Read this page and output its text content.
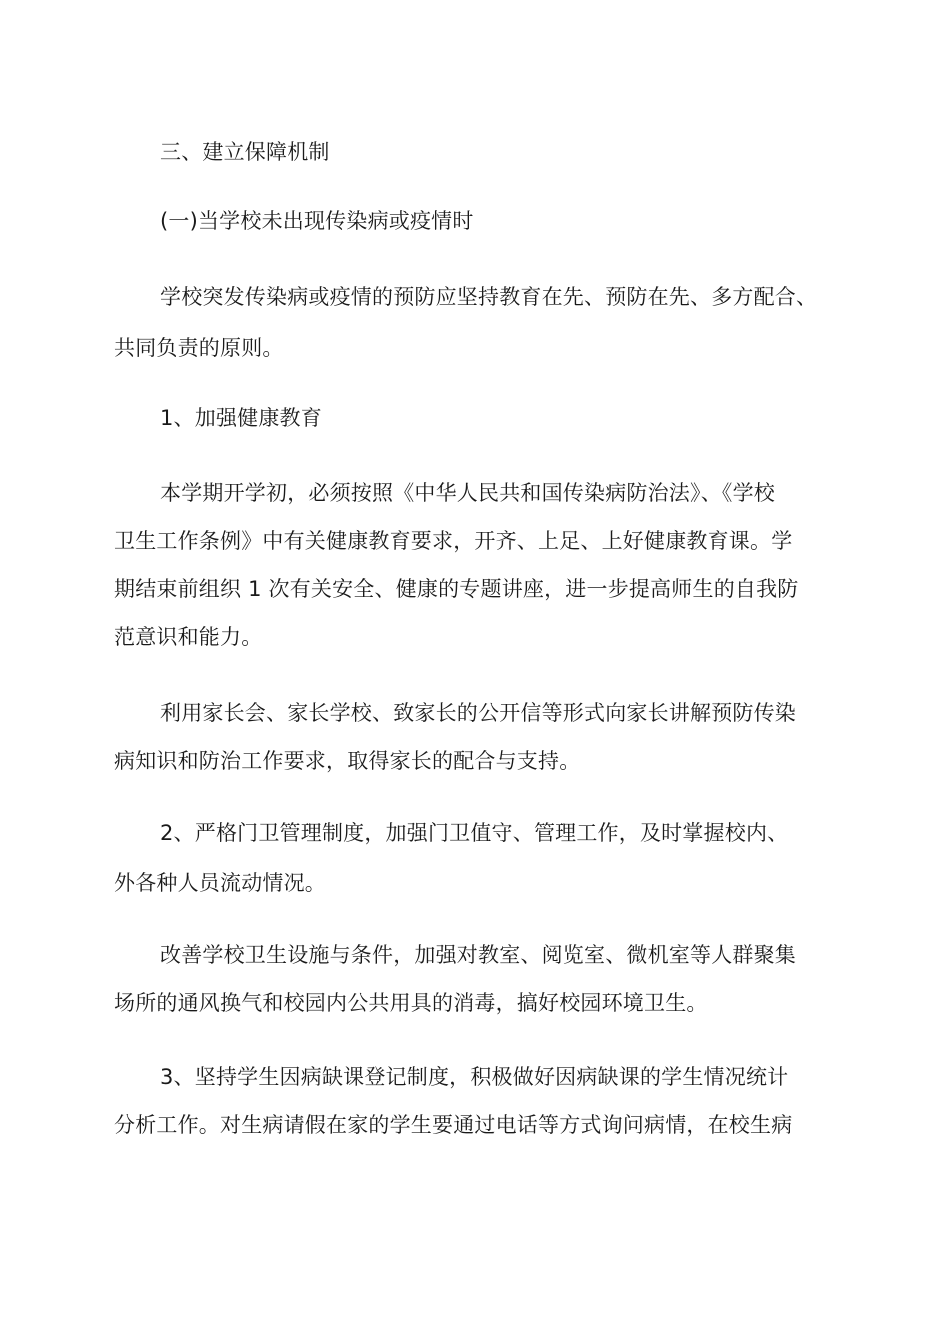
三、建立保障机制
(一)当学校未出现传染病或疫情时
学校突发传染病或疫情的预防应坚持教育在先、预防在先、多方配合、
共同负责的原则。
1、加强健康教育
本学期开学初，必须按照《中华人民共和国传染病防治法》、《学校
卫生工作条例》中有关健康教育要求，开齐、上足、上好健康教育课。学
期结束前组织 1 次有关安全、健康的专题讲座，进一步提高师生的自我防
范意识和能力。
利用家长会、家长学校、致家长的公开信等形式向家长讲解预防传染
病知识和防治工作要求，取得家长的配合与支持。
2、严格门卫管理制度，加强门卫值守、管理工作，及时掌握校内、
外各种人员流动情况。
改善学校卫生设施与条件，加强对教室、阅览室、微机室等人群聚集
场所的通风换气和校园内公共用具的消毒，搞好校园环境卫生。
3、坚持学生因病缺课登记制度，积极做好因病缺课的学生情况统计
分析工作。对生病请假在家的学生要通过电话等方式询问病情，在校生病
